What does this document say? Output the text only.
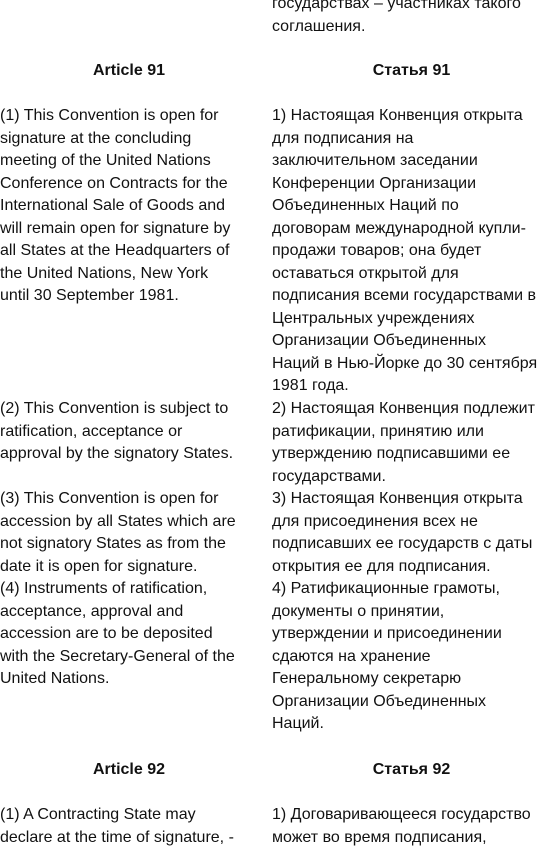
Article 91

(1) This Convention is open for
signature at the concluding
meeting of the United Nations
Conference on Contracts for the
International Sale of Goods and
will remain open for signature by
all States at the Headquarters of
the United Nations, New York
until 30 September 1981.

(2) This Convention is subject to
ratification, acceptance or
approval by the signatory States.

(3) This Convention is open for
accession by all States which are
not signatory States as from the
date it is open for signature.

(4) Instruments of ratification,
acceptance, approval and
accession are to be deposited
with the Secretary-General of the
United Nations.

Article 92

(1) A Contracting State may
declare at the time of signature, -

государствах – участниках такого
соглашения.

Статья 91

1) Настоящая Конвенция открыта
для подписания на
заключительном заседании
Конференции Организации
Объединенных Наций по
договорам международной купли-
продажи товаров; она будет
оставаться открытой для
подписания всеми государствами в
Центральных учреждениях
Организации Объединенных
Наций в Нью-Йорке до 30 сентября
1981 года.

2) Настоящая Конвенция подлежит
ратификации, принятию или
утверждению подписавшими ее
государствами.

3) Настоящая Конвенция открыта
для присоединения всех не
подписавших ее государств с даты
открытия ее для подписания.

4) Ратификационные грамоты,
документы о принятии,
утверждении и присоединении
сдаются на хранение
Генеральному секретарю
Организации Объединенных
Наций.

Статья 92

1) Договаривающееся государство
может во время подписания,
